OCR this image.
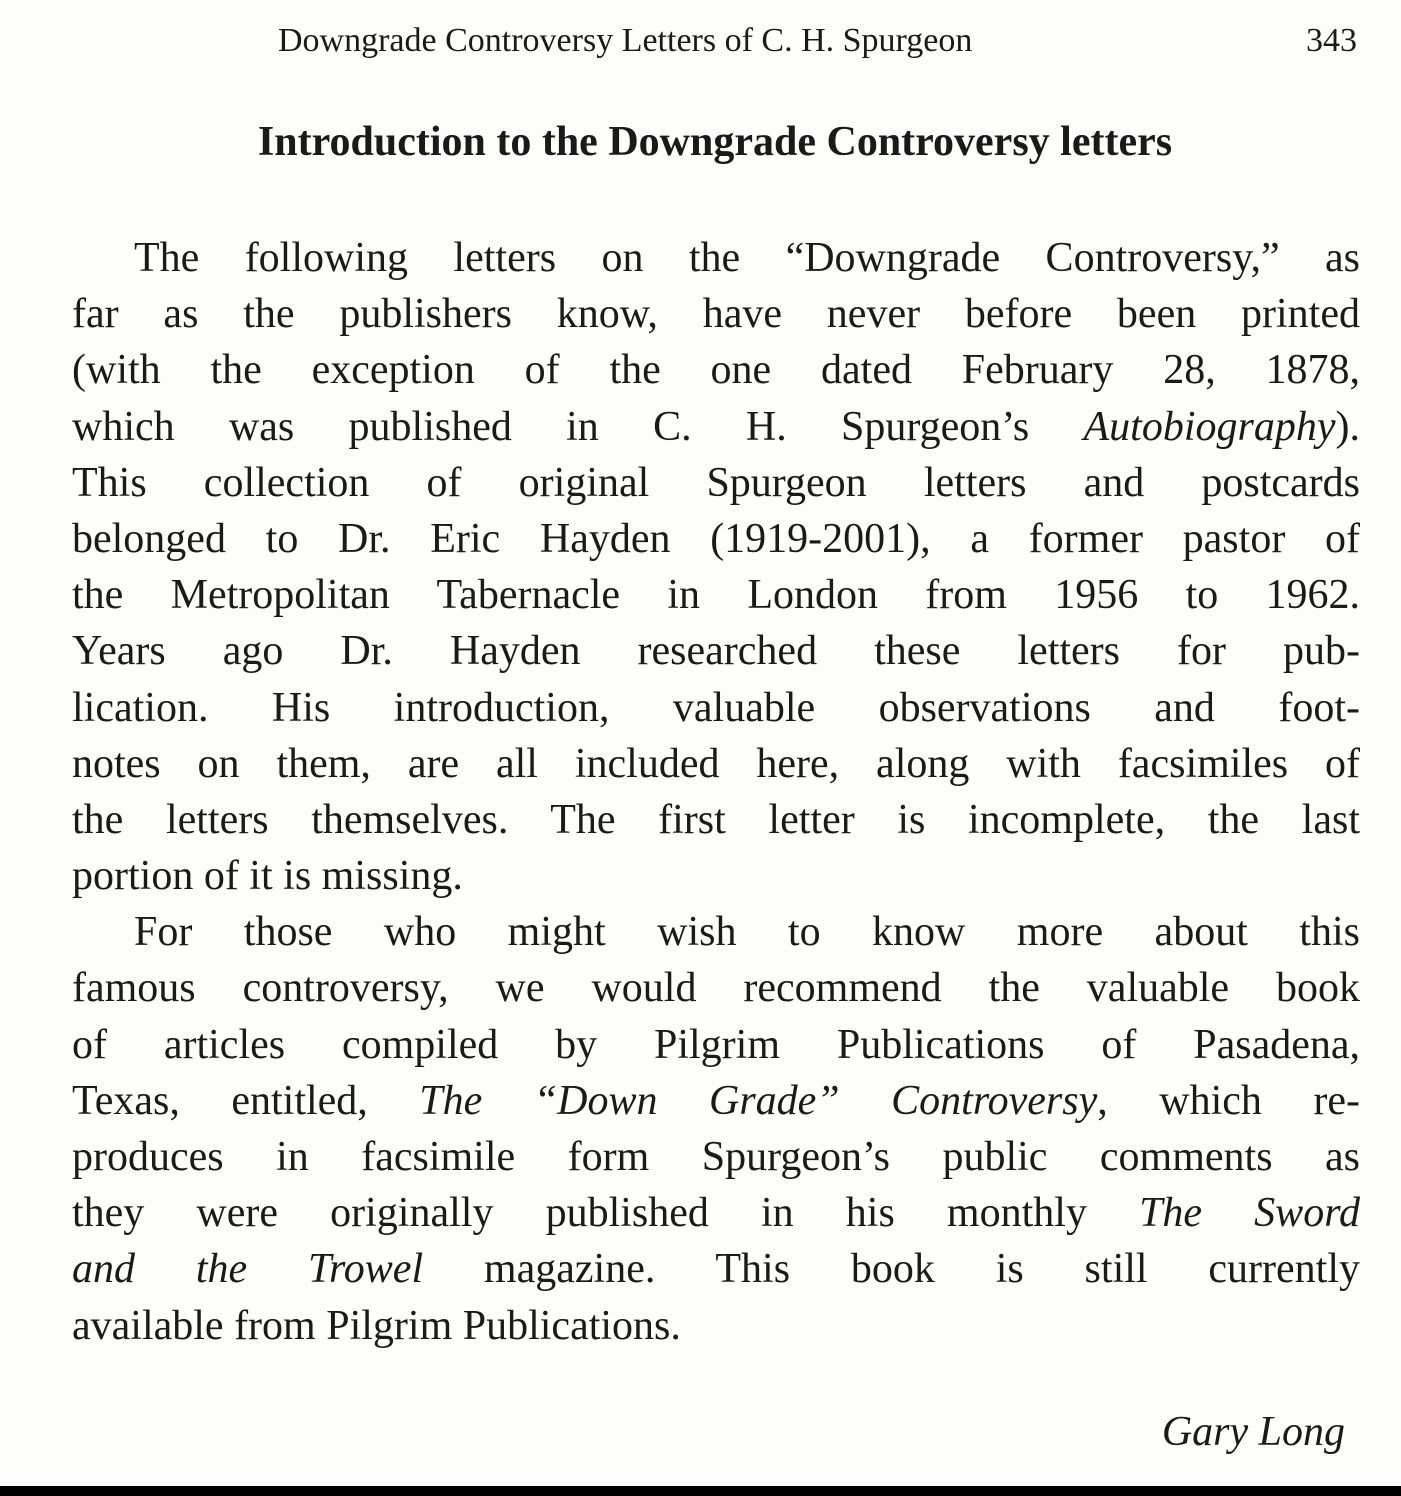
Downgrade Controversy Letters of C. H. Spurgeon	343
Introduction to the Downgrade Controversy letters
The following letters on the “Downgrade Controversy,” as
far as the publishers know, have never before been printed
(with the exception of the one dated February 28, 1878,
which was published in C. H. Spurgeon’s Autobiography).
This collection of original Spurgeon letters and postcards
belonged to Dr. Eric Hayden (1919-2001), a former pastor of
the Metropolitan Tabernacle in London from 1956 to 1962.
Years ago Dr. Hayden researched these letters for pub-
lication. His introduction, valuable observations and foot-
notes on them, are all included here, along with facsimiles of
the letters themselves. The first letter is incomplete, the last
portion of it is missing.
For those who might wish to know more about this
famous controversy, we would recommend the valuable book
of articles compiled by Pilgrim Publications of Pasadena,
Texas, entitled, The “Down Grade” Controversy, which re-
produces in facsimile form Spurgeon’s public comments as
they were originally published in his monthly The Sword
and the Trowel magazine. This book is still currently
available from Pilgrim Publications.
Gary Long
